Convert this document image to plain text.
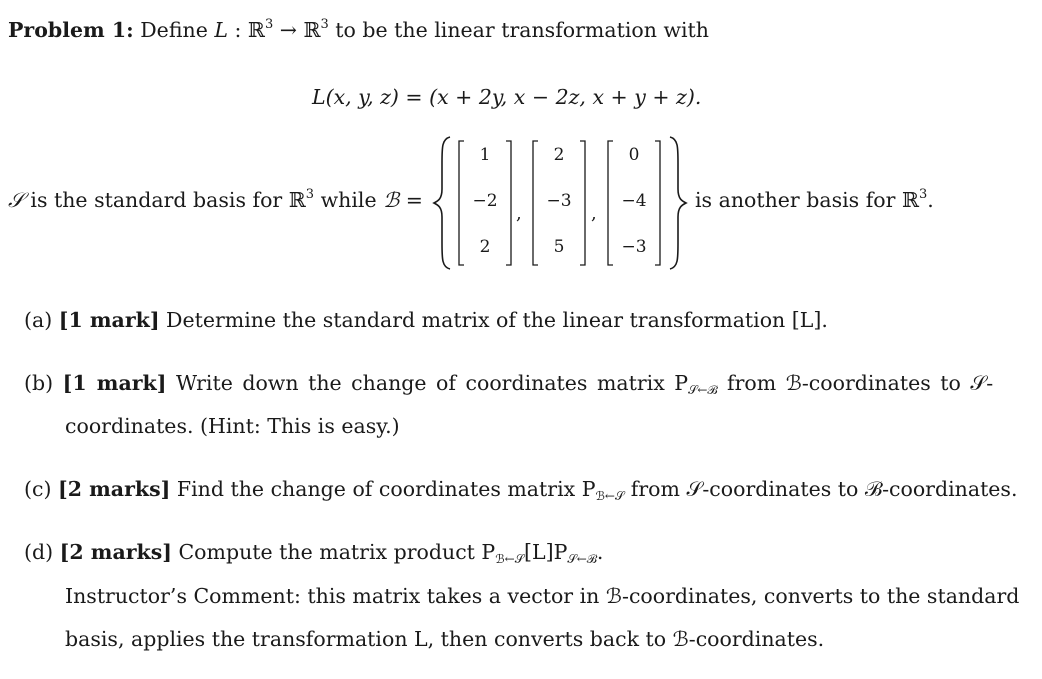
Problem 1: Define L : ℝ$^3$ → ℝ$^3$ to be the linear transformation with
L(x, y, z) = (x + 2y, x − 2z, x + y + z).
𝒮 is the standard basis for ℝ$^3$ while ℬ =
1
−2
2
,
2
−3
5
,
0
−4
−3
is another basis for ℝ$^3$.
(a) [1 mark] Determine the standard matrix of the linear transformation [L].
(b) [1 mark] Write down the change of coordinates matrix $P_{𝒮\leftarrow ℬ}$ from ℬ-coordinates to 𝒮-
coordinates. (Hint: This is easy.)
(c) [2 marks] Find the change of coordinates matrix $P_{ℬ\leftarrow 𝒮}$ from 𝒮-coordinates to ℬ-coordinates.
(d) [2 marks] Compute the matrix product $P_{ℬ\leftarrow 𝒮}[L]P_{𝒮\leftarrow ℬ}$.
Instructor’s Comment: this matrix takes a vector in ℬ-coordinates, converts to the standard
basis, applies the transformation L, then converts back to ℬ-coordinates.
